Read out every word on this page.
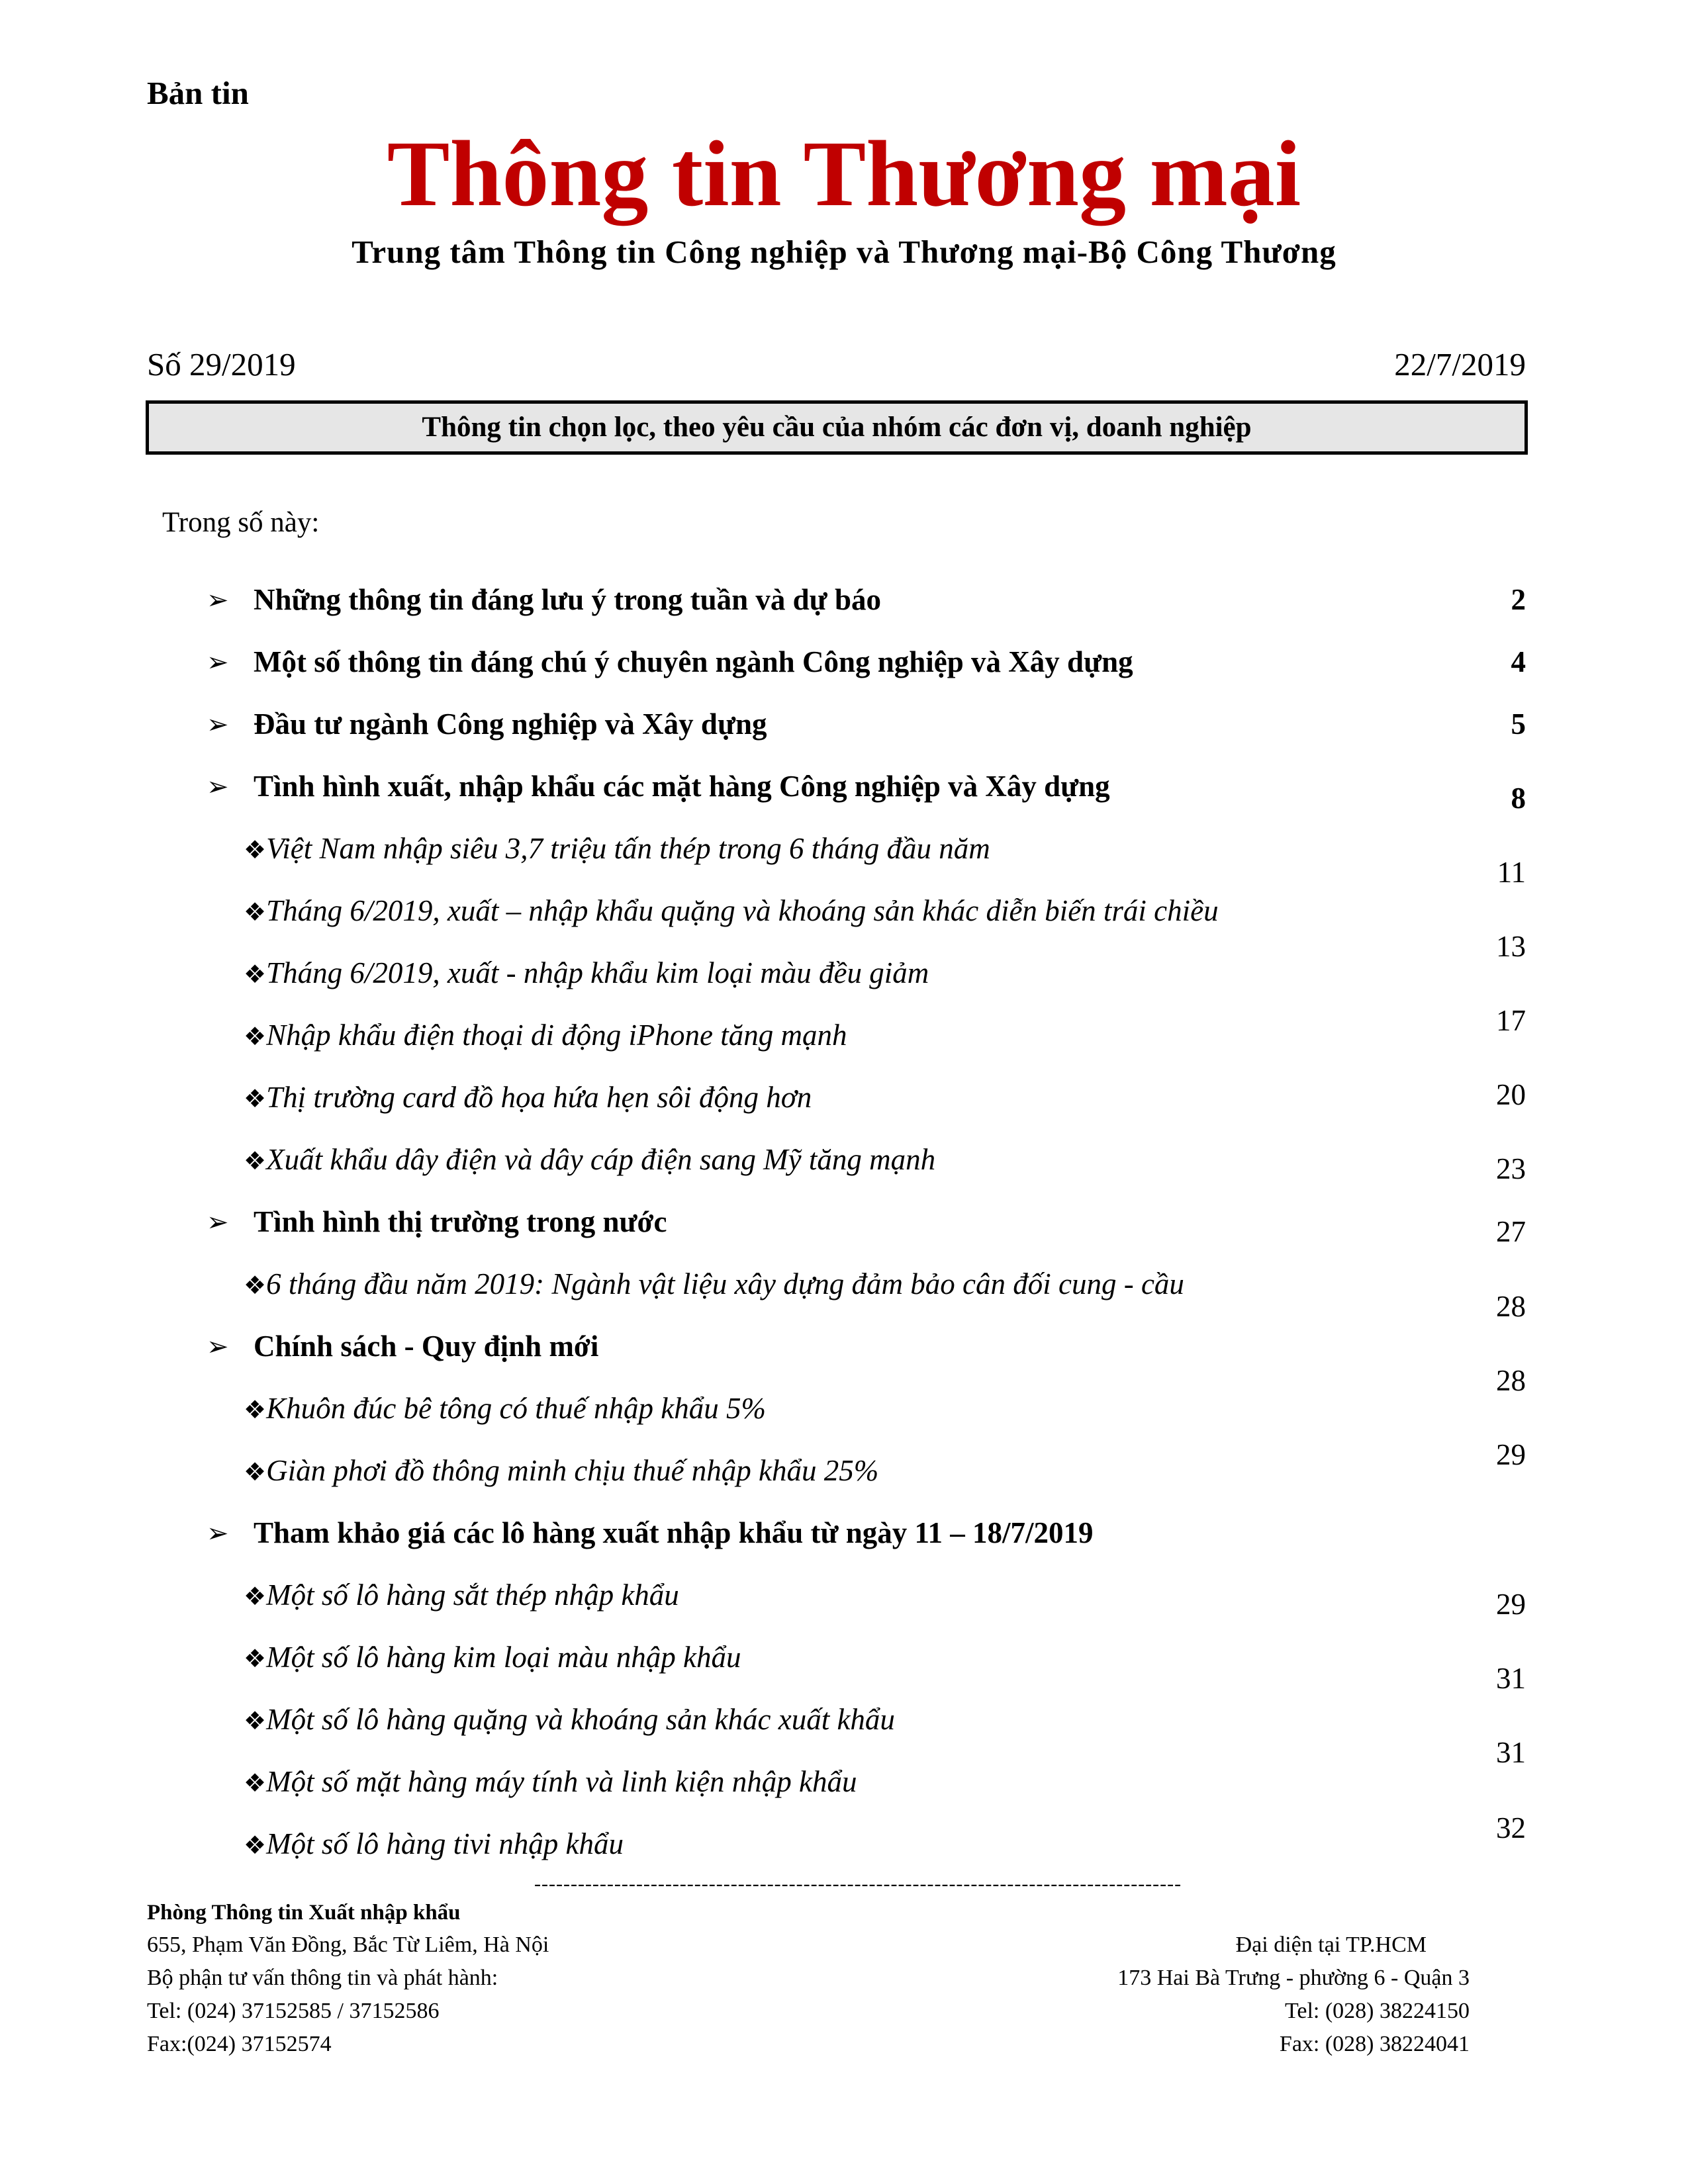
Bản tin
Thông tin Thương mại
Trung tâm Thông tin Công nghiệp và Thương mại-Bộ Công Thương
Số 29/2019	22/7/2019
Thông tin chọn lọc, theo yêu cầu của nhóm các đơn vị, doanh nghiệp
Trong số này:
➢ Những thông tin đáng lưu ý trong tuần và dự báo
➢ Một số thông tin đáng chú ý chuyên ngành Công nghiệp và Xây dựng
➢ Đầu tư ngành Công nghiệp và Xây dựng
➢ Tình hình xuất, nhập khẩu các mặt hàng Công nghiệp và Xây dựng
❖Việt Nam nhập siêu 3,7 triệu tấn thép trong 6 tháng đầu năm
❖Tháng 6/2019, xuất – nhập khẩu quặng và khoáng sản khác diễn biến trái chiều
❖Tháng 6/2019, xuất - nhập khẩu kim loại màu đều giảm
❖Nhập khẩu điện thoại di động iPhone tăng mạnh
❖Thị trường card đồ họa hứa hẹn sôi động hơn
❖Xuất khẩu dây điện và dây cáp điện sang Mỹ tăng mạnh
➢ Tình hình thị trường trong nước
❖6 tháng đầu năm 2019: Ngành vật liệu xây dựng đảm bảo cân đối cung - cầu
➢ Chính sách - Quy định mới
❖Khuôn đúc bê tông có thuế nhập khẩu 5%
❖Giàn phơi đồ thông minh chịu thuế nhập khẩu 25%
➢ Tham khảo giá các lô hàng xuất nhập khẩu từ ngày 11 – 18/7/2019
❖Một số lô hàng sắt thép nhập khẩu
❖Một số lô hàng kim loại màu nhập khẩu
❖Một số lô hàng quặng và khoáng sản khác xuất khẩu
❖Một số mặt hàng máy tính và linh kiện nhập khẩu
❖Một số lô hàng tivi nhập khẩu
2
4
5
8
11
13
17
20
23
27
28
28
29
29
31
31
32
-----------------------------------------------------------------------------------------
Phòng Thông tin Xuất nhập khẩu
655, Phạm Văn Đồng, Bắc Từ Liêm, Hà Nội
Bộ phận tư vấn thông tin và phát hành:
Tel: (024) 37152585 / 37152586
Fax:(024) 37152574
Đại diện tại TP.HCM
173 Hai Bà Trưng - phường 6 - Quận 3
Tel: (028) 38224150
Fax: (028) 38224041
